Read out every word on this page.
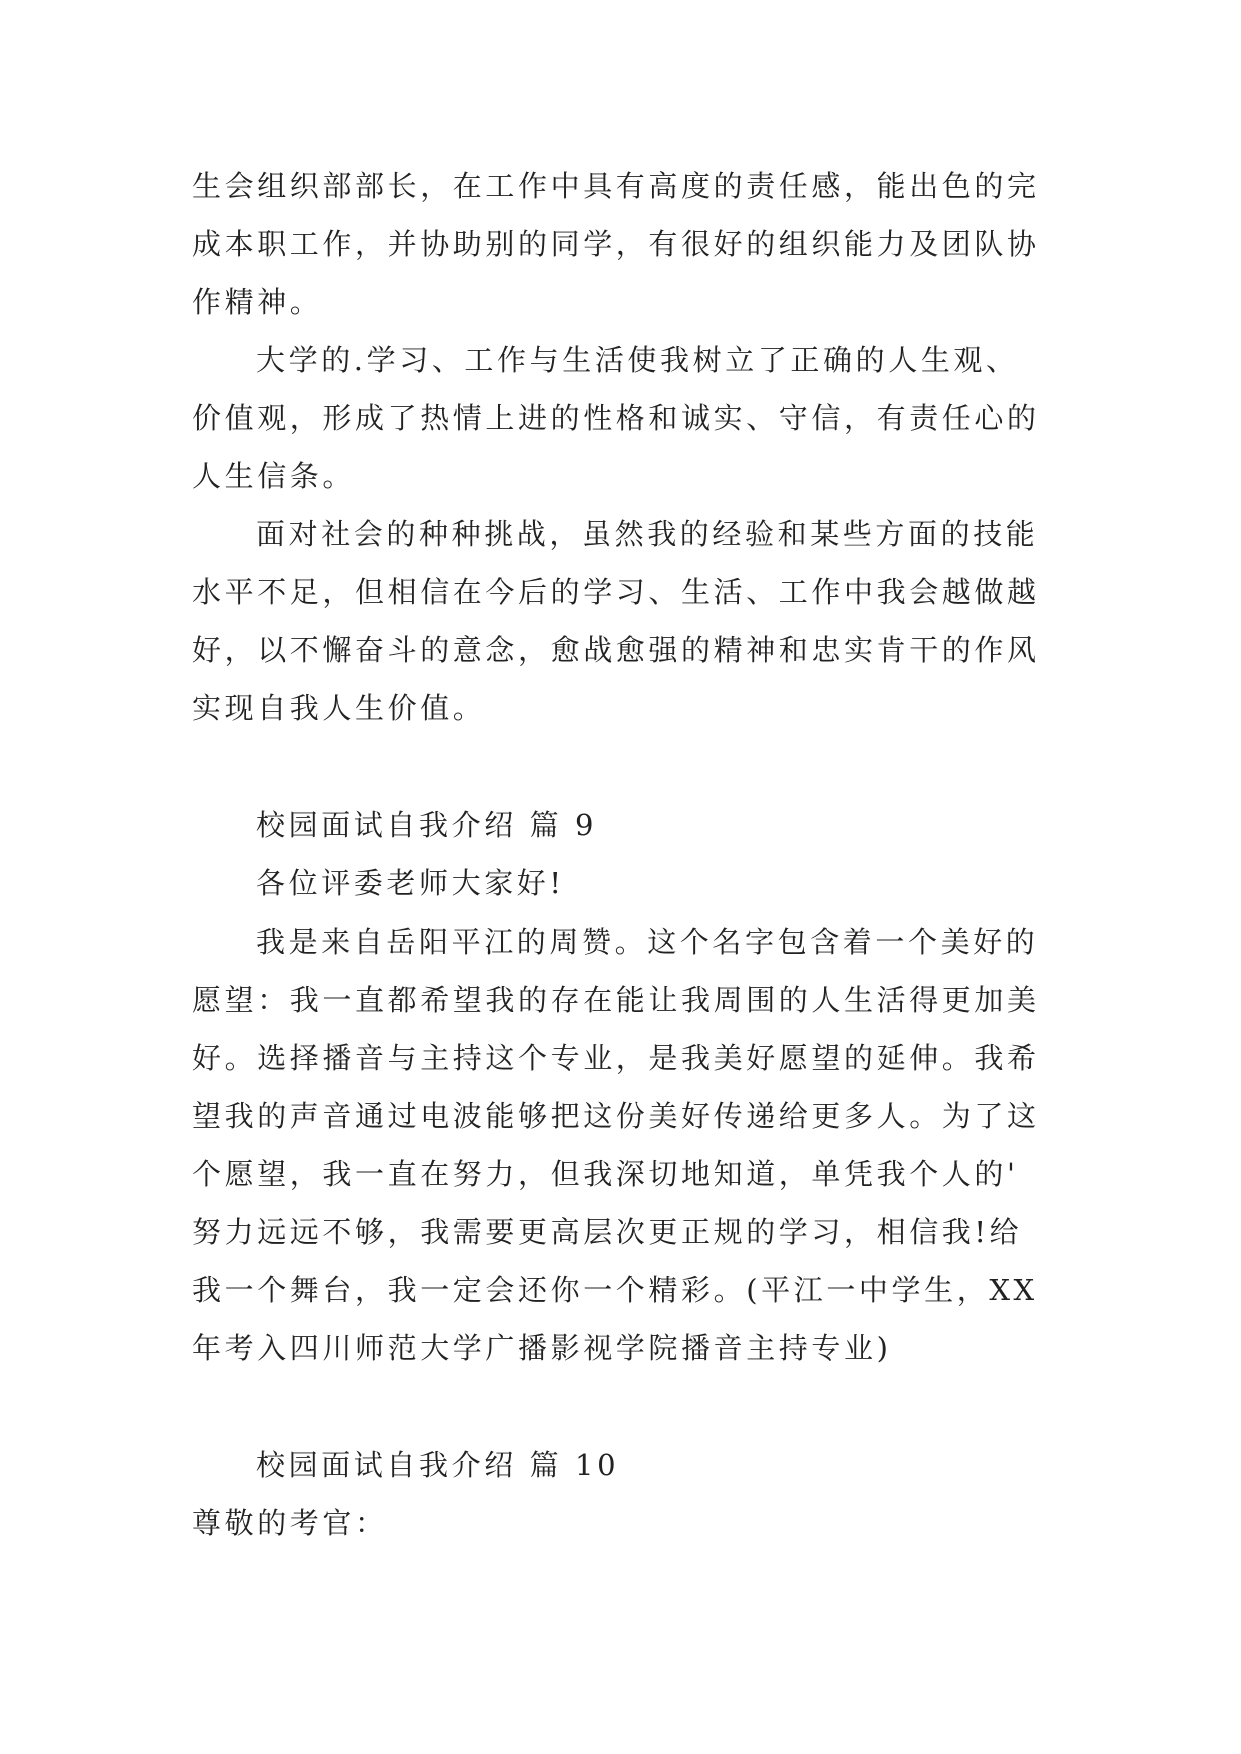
生会组织部部长，在工作中具有高度的责任感，能出色的完
成本职工作，并协助别的同学，有很好的组织能力及团队协
作精神。
大学的.学习、工作与生活使我树立了正确的人生观、
价值观，形成了热情上进的性格和诚实、守信，有责任心的
人生信条。
面对社会的种种挑战，虽然我的经验和某些方面的技能
水平不足，但相信在今后的学习、生活、工作中我会越做越
好，以不懈奋斗的意念，愈战愈强的精神和忠实肯干的作风
实现自我人生价值。
校园面试自我介绍 篇 9
各位评委老师大家好!
我是来自岳阳平江的周赞。这个名字包含着一个美好的
愿望：我一直都希望我的存在能让我周围的人生活得更加美
好。选择播音与主持这个专业，是我美好愿望的延伸。我希
望我的声音通过电波能够把这份美好传递给更多人。为了这
个愿望，我一直在努力，但我深切地知道，单凭我个人的'
努力远远不够，我需要更高层次更正规的学习，相信我!给
我一个舞台，我一定会还你一个精彩。(平江一中学生，XX
年考入四川师范大学广播影视学院播音主持专业)
校园面试自我介绍 篇 10
尊敬的考官：
